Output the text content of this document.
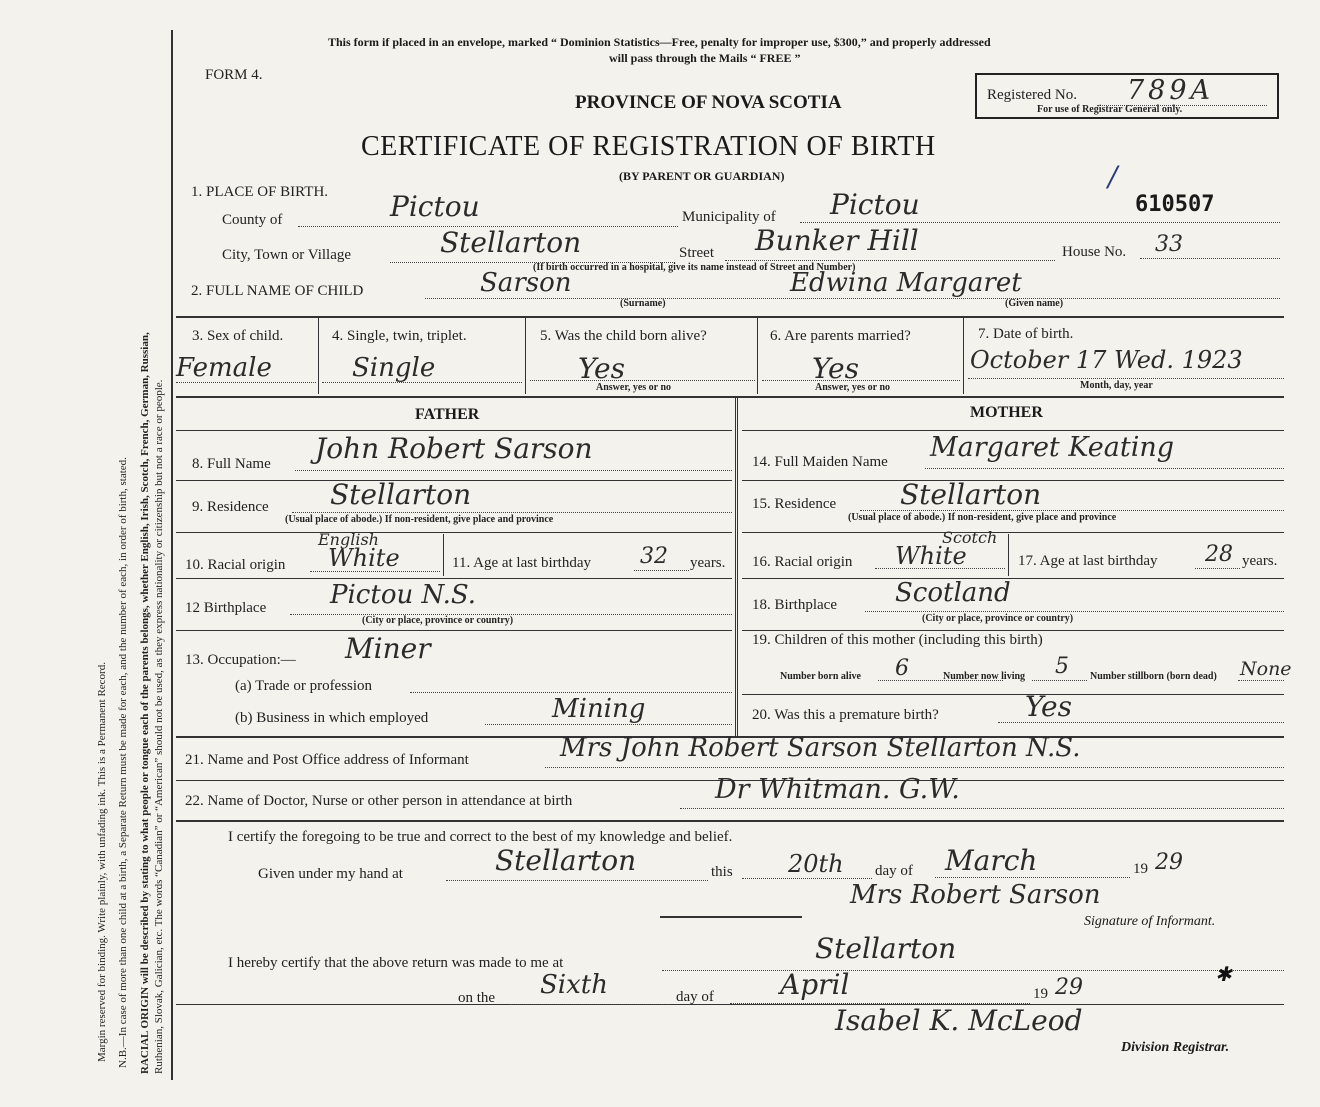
Margin reserved for binding. Write plainly, with unfading ink. This is a Permanent Record. N.B.—In case of more than one child at a birth, a Separate Return must be made for each, and the number of each, in order of birth, stated. RACIAL ORIGIN will be described by stating to what people or tongue each of the parents belongs, whether English, Irish, Scotch, French, German, Russian, Ruthenian, Slovak, Galician, etc. The words “Canadian” or “American” should not be used, as they express nationality or citizenship but not a race or people.
This form if placed in an envelope, marked “ Dominion Statistics—Free, penalty for improper use, $300,” and properly addressed
will pass through the Mails “ FREE ”
FORM 4.
PROVINCE OF NOVA SCOTIA	Registered No. 789A
For use of Registrar General only.
CERTIFICATE OF REGISTRATION OF BIRTH
(BY PARENT OR GUARDIAN)	/
610507
1. PLACE OF BIRTH.
County of	Pictou	Municipality of Pictou
City, Town or Village	Stellarton	Street Bunker Hill	House No. 33
(If birth occurred in a hospital, give its name instead of Street and Number)
2. FULL NAME OF CHILD	Sarson
(Surname)
Edwina Margaret
(Given name)
3. Sex of child.
Female
4. Single, twin, triplet.
Single
5. Was the child born alive?
Yes
Answer, yes or no
6. Are parents married?
Yes
Answer, yes or no
7. Date of birth.
October 17 Wed. 1923
Month, day, year
FATHER	MOTHER
8. Full Name John Robert Sarson	14. Full Maiden Name Margaret Keating
9. Residence Stellarton
(Usual place of abode.) If non-resident, give place and province
15. Residence Stellarton
(Usual place of abode.) If non-resident, give place and province
10. Racial origin
English
White	11. Age at last birthday 32 years. 16. Racial origin
Scotch
White	17. Age at last birthday 28 years.
12 Birthplace Pictou N.S.
(City or place, province or country)
18. Birthplace Scotland
(City or place, province or country)
13. Occupation:— Miner
(a) Trade or profession
(b) Business in which employed	Mining
19. Children of this mother (including this birth)
Number born alive 6	Number now living 5 Number stillborn (born dead) None
20. Was this a premature birth?	Yes
21. Name and Post Office address of Informant	Mrs John Robert Sarson Stellarton N.S.
22. Name of Doctor, Nurse or other person in attendance at birth	Dr Whitman. G.W.
I certify the foregoing to be true and correct to the best of my knowledge and belief.
Given under my hand at	Stellarton	this 20th day of March	19 29
Mrs Robert Sarson
Signature of Informant.
I hereby certify that the above return was made to me at	Stellarton
✱
on the Sixth	day of April	19 29
Isabel K. McLeod
Division Registrar.
